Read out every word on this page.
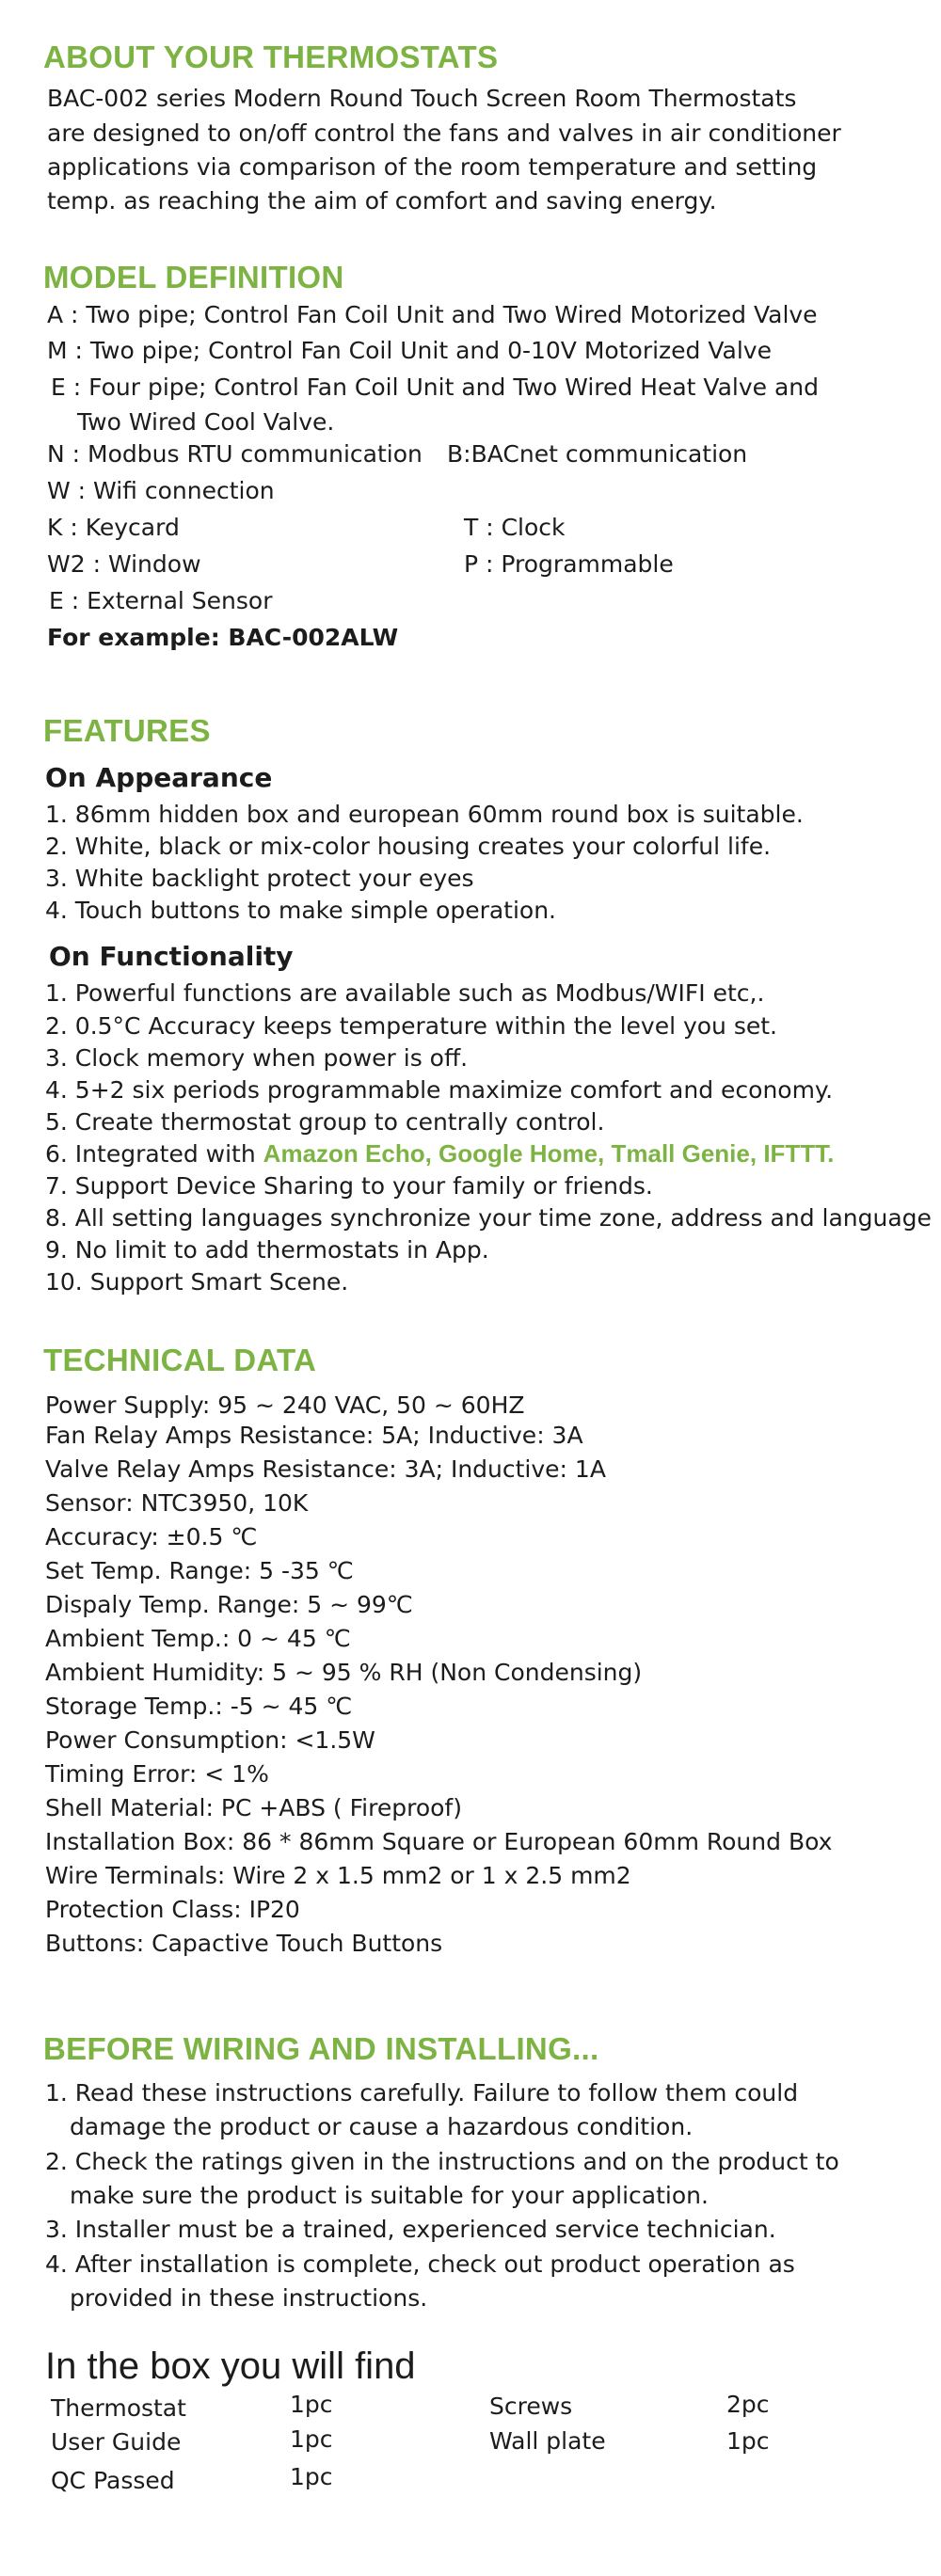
ABOUT YOUR THERMOSTATS
BAC-002 series Modern Round Touch Screen Room Thermostats
are designed to on/off control the fans and valves in air conditioner
applications via comparison of the room temperature and setting
temp. as reaching the aim of comfort and saving energy.
MODEL DEFINITION
A : Two pipe; Control Fan Coil Unit and Two Wired Motorized Valve
M : Two pipe; Control Fan Coil Unit and 0-10V Motorized Valve
E : Four pipe; Control Fan Coil Unit and Two Wired Heat Valve and
Two Wired Cool Valve.
N : Modbus RTU communication B:BACnet communication
W : Wifi connection
K : Keycard	T : Clock
W2 : Window	P : Programmable
E : External Sensor
For example: BAC-002ALW
FEATURES
On Appearance
1. 86mm hidden box and european 60mm round box is suitable.
2. White, black or mix-color housing creates your colorful life.
3. White backlight protect your eyes
4. Touch buttons to make simple operation.
On Functionality
1. Powerful functions are available such as Modbus/WIFI etc,.
2. 0.5°C Accuracy keeps temperature within the level you set.
3. Clock memory when power is off.
4. 5+2 six periods programmable maximize comfort and economy.
5. Create thermostat group to centrally control.
6. Integrated with Amazon Echo, Google Home, Tmall Genie, IFTTT.
7. Support Device Sharing to your family or friends.
8. All setting languages synchronize your time zone, address and language
9. No limit to add thermostats in App.
10. Support Smart Scene.
TECHNICAL DATA
Power Supply: 95 ~ 240 VAC, 50 ~ 60HZ
Fan Relay Amps Resistance: 5A; Inductive: 3A
Valve Relay Amps Resistance: 3A; Inductive: 1A
Sensor: NTC3950, 10K
Accuracy: ±0.5 ℃
Set Temp. Range: 5 -35 ℃
Dispaly Temp. Range: 5 ~ 99℃
Ambient Temp.: 0 ~ 45 ℃
Ambient Humidity: 5 ~ 95 % RH (Non Condensing)
Storage Temp.: -5 ~ 45 ℃
Power Consumption: <1.5W
Timing Error: < 1%
Shell Material: PC +ABS ( Fireproof)
Installation Box: 86 * 86mm Square or European 60mm Round Box
Wire Terminals: Wire 2 x 1.5 mm2 or 1 x 2.5 mm2
Protection Class: IP20
Buttons: Capactive Touch Buttons
BEFORE WIRING AND INSTALLING...
1. Read these instructions carefully. Failure to follow them could
damage the product or cause a hazardous condition.
2. Check the ratings given in the instructions and on the product to
make sure the product is suitable for your application.
3. Installer must be a trained, experienced service technician.
4. After installation is complete, check out product operation as
provided in these instructions.
In the box you will find
Thermostat	1pc
User Guide	1pc
QC Passed	1pc
Screws	2pc
Wall plate	1pc
